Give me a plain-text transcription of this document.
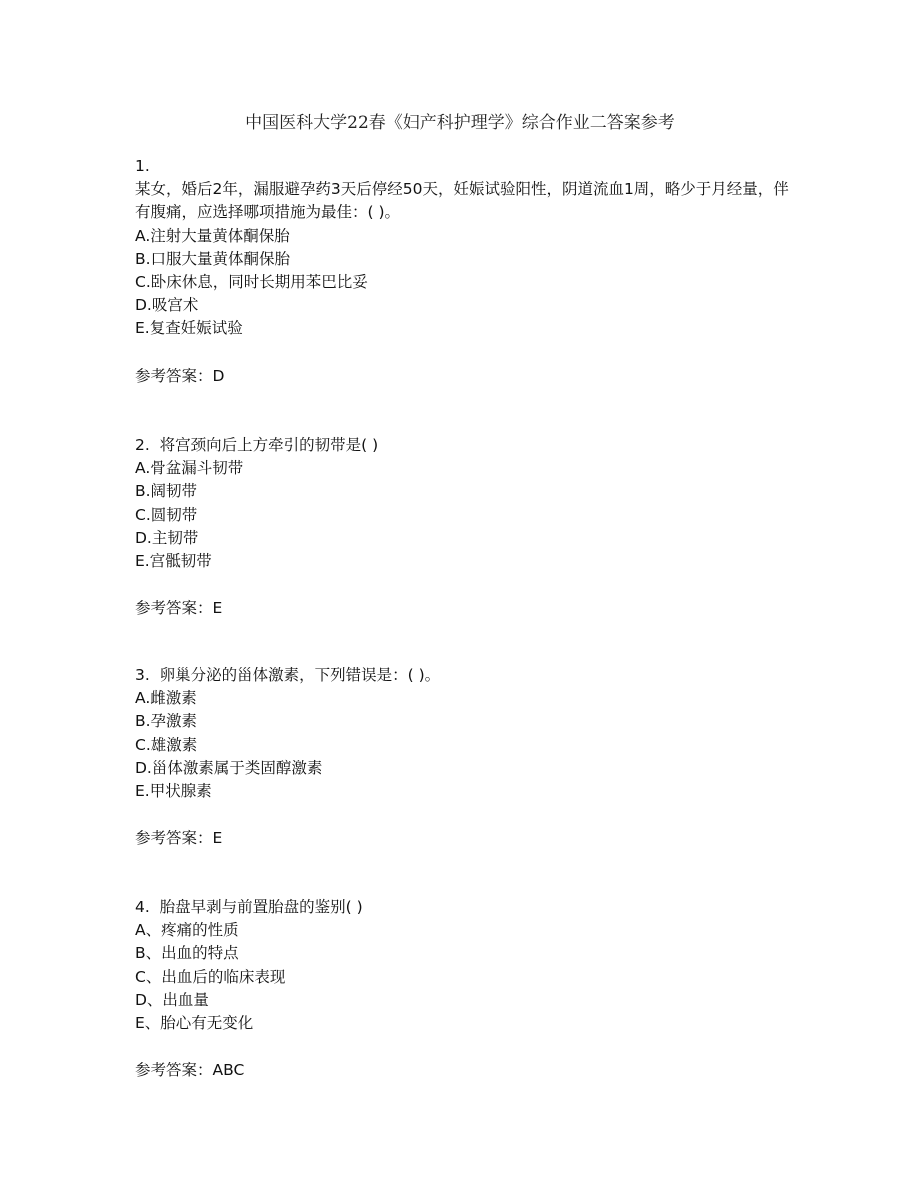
中国医科大学22春《妇产科护理学》综合作业二答案参考
1.
某女，婚后2年，漏服避孕药3天后停经50天，妊娠试验阳性，阴道流血1周，略少于月经量，伴有腹痛，应选择哪项措施为最佳：( )。
A.注射大量黄体酮保胎
B.口服大量黄体酮保胎
C.卧床休息，同时长期用苯巴比妥
D.吸宫术
E.复查妊娠试验
参考答案：D
2. 将宫颈向后上方牵引的韧带是( )
A.骨盆漏斗韧带
B.阔韧带
C.圆韧带
D.主韧带
E.宫骶韧带
参考答案：E
3. 卵巢分泌的甾体激素，下列错误是：( )。
A.雌激素
B.孕激素
C.雄激素
D.甾体激素属于类固醇激素
E.甲状腺素
参考答案：E
4. 胎盘早剥与前置胎盘的鉴别( )
A、疼痛的性质
B、出血的特点
C、出血后的临床表现
D、出血量
E、胎心有无变化
参考答案：ABC
